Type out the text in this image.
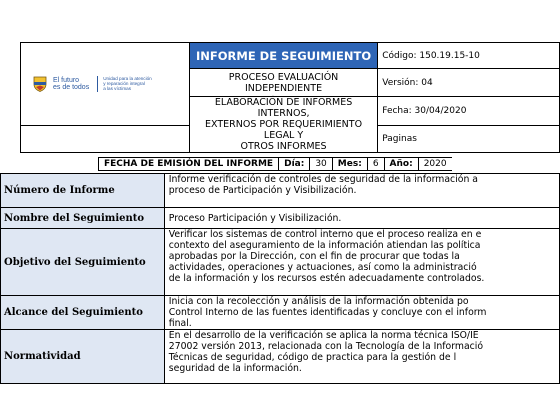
El futuro
es de todos
Unidad para la atención
y reparación integral
a las víctimas	INFORME DE SEGUIMIENTO	Código: 150.19.15-10
	PROCESO EVALUACIÓN INDEPENDIENTE	Versión: 04

	ELABORACIÓN DE INFORMES INTERNOS,
EXTERNOS POR REQUERIMIENTO LEGAL Y
OTROS INFORMES	Fecha: 30/04/2020
		Paginas
FECHA DE EMISIÓN DEL INFORME	Día:	30	Mes:	6	Año:	2020
Número de Informe	Informe verificación de controles de seguridad de la información a
proceso de Participación y Visibilización.

Nombre del Seguimiento	Proceso Participación y Visibilización.

Objetivo del Seguimiento	Verificar los sistemas de control interno que el proceso realiza en e
contexto del aseguramiento de la información atiendan las política
aprobadas por la Dirección, con el fin de procurar que todas la
actividades, operaciones y actuaciones, así como la administració
de la información y los recursos estén adecuadamente controlados.

Alcance del Seguimiento	Inicia con la recolección y análisis de la información obtenida po
Control Interno de las fuentes identificadas y concluye con el inform
final.

Normatividad	En el desarrollo de la verificación se aplica la norma técnica ISO/IE
27002 versión 2013, relacionada con la Tecnología de la Informació
Técnicas de seguridad, código de practica para la gestión de l
seguridad de la información.
